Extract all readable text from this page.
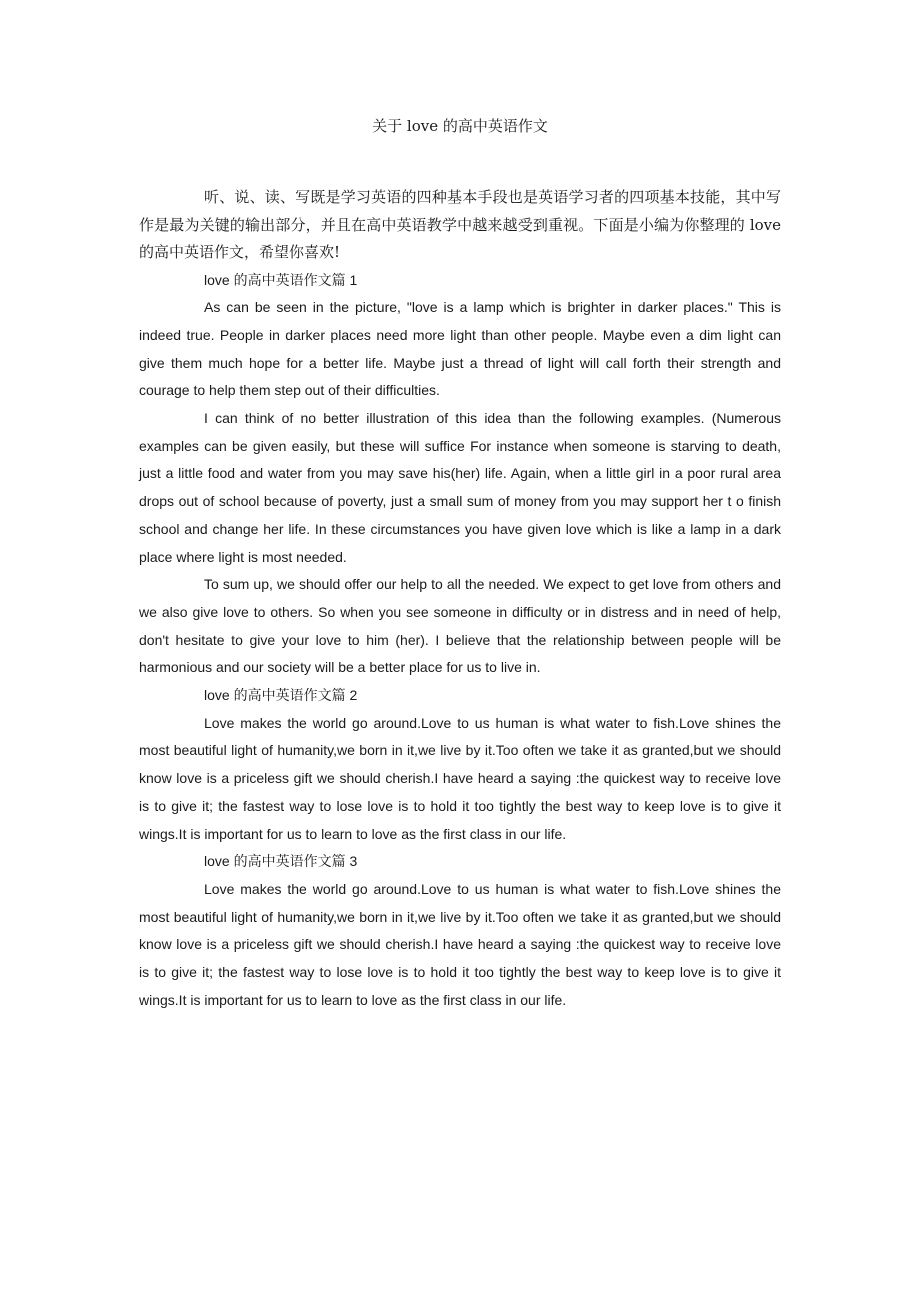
关于 love 的高中英语作文

听、说、读、写既是学习英语的四种基本手段也是英语学习者的四项基本技能，其中写作是最为关键的输出部分，并且在高中英语教学中越来越受到重视。下面是小编为你整理的 love 的高中英语作文，希望你喜欢!

love 的高中英语作文篇 1

As can be seen in the picture, "love is a lamp which is brighter in darker places." This is indeed true. People in darker places need more light than other people. Maybe even a dim light can give them much hope for a better life. Maybe just a thread of light will call forth their strength and courage to help them step out of their difficulties.

I can think of no better illustration of this idea than the following examples. (Numerous examples can be given easily, but these will suffice For instance when someone is starving to death, just a little food and water from you may save his(her) life. Again, when a little girl in a poor rural area drops out of school because of poverty, just a small sum of money from you may support her t o finish school and change her life. In these circumstances you have given love which is like a lamp in a dark place where light is most needed.

To sum up, we should offer our help to all the needed. We expect to get love from others and we also give love to others. So when you see someone in difficulty or in distress and in need of help, don't hesitate to give your love to him (her). I believe that the relationship between people will be harmonious and our society will be a better place for us to live in.

love 的高中英语作文篇 2

Love makes the world go around.Love to us human is what water to fish.Love shines the most beautiful light of humanity,we born in it,we live by it.Too often we take it as granted,but we should know love is a priceless gift we should cherish.I have heard a saying :the quickest way to receive love is to give it; the fastest way to lose love is to hold it too tightly the best way to keep love is to give it wings.It is important for us to learn to love as the first class in our life.

love 的高中英语作文篇 3

Love makes the world go around.Love to us human is what water to fish.Love shines the most beautiful light of humanity,we born in it,we live by it.Too often we take it as granted,but we should know love is a priceless gift we should cherish.I have heard a saying :the quickest way to receive love is to give it; the fastest way to lose love is to hold it too tightly the best way to keep love is to give it wings.It is important for us to learn to love as the first class in our life.
